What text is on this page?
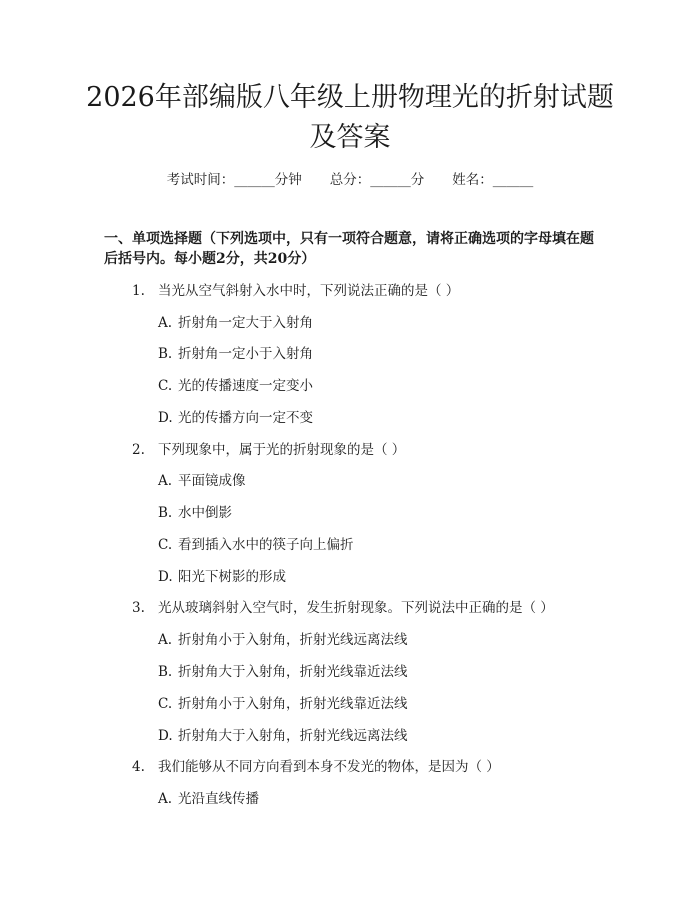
2026年部编版八年级上册物理光的折射试题
及答案
考试时间：______分钟 总分：______分 姓名：______

一、单项选择题（下列选项中，只有一项符合题意，请将正确选项的字母填在题后括号内。每小题2分，共20分）

1. 当光从空气斜射入水中时，下列说法正确的是（ ）
A. 折射角一定大于入射角
B. 折射角一定小于入射角
C. 光的传播速度一定变小
D. 光的传播方向一定不变
2. 下列现象中，属于光的折射现象的是（ ）
A. 平面镜成像
B. 水中倒影
C. 看到插入水中的筷子向上偏折
D. 阳光下树影的形成
3. 光从玻璃斜射入空气时，发生折射现象。下列说法中正确的是（ ）
A. 折射角小于入射角，折射光线远离法线
B. 折射角大于入射角，折射光线靠近法线
C. 折射角小于入射角，折射光线靠近法线
D. 折射角大于入射角，折射光线远离法线
4. 我们能够从不同方向看到本身不发光的物体，是因为（ ）
A. 光沿直线传播
